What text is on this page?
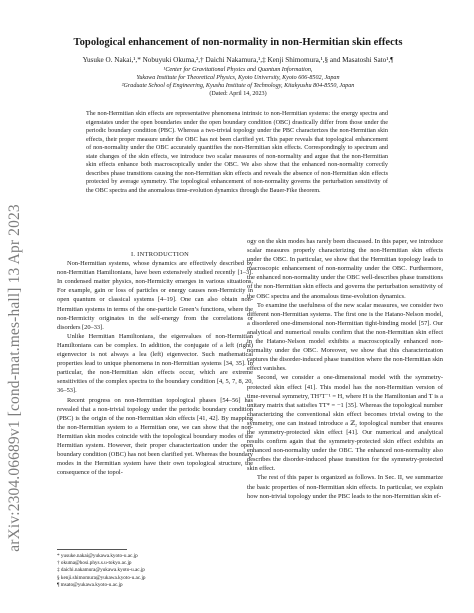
arXiv:2304.06689v1 [cond-mat.mes-hall] 13 Apr 2023
Topological enhancement of non-normality in non-Hermitian skin effects
Yusuke O. Nakai,¹,* Nobuyuki Okuma,²,† Daichi Nakamura,¹,‡ Kenji Shimomura,¹,§ and Masatoshi Sato¹,¶
¹Center for Gravitational Physics and Quantum Information,
Yukawa Institute for Theoretical Physics, Kyoto University, Kyoto 606-8502, Japan
²Graduate School of Engineering, Kyushu Institute of Technology, Kitakyushu 804-8550, Japan
(Dated: April 14, 2023)

The non-Hermitian skin effects are representative phenomena intrinsic to non-Hermitian systems: the energy spectra and eigenstates under the open boundaries under the open boundary condition (OBC) drastically differ from those under the periodic boundary condition (PBC). Whereas a two-trivial topology under the PBC characterizes the non-Hermitian skin effects, their proper measure under the OBC has not been clarified yet. This paper reveals that topological enhancement of non-normality under the OBC accurately quantifies the non-Hermitian skin effects. Correspondingly to spectrum and state changes of the skin effects, we introduce two scalar measures of non-normality and argue that the non-Hermitian skin effects enhance both macroscopically under the OBC. We also show that the enhanced non-normality correctly describes phase transitions causing the non-Hermitian skin effects and reveals the absence of non-Hermitian skin effects protected by average symmetry. The topological enhancement of non-normality governs the perturbation sensitivity of the OBC spectra and the anomalous time-evolution dynamics through the Bauer-Fike theorem.

I. INTRODUCTION

Non-Hermitian systems, whose dynamics are effectively described by non-Hermitian Hamiltonians, have been extensively studied recently [1–3]. In condensed matter physics, non-Hermicity emerges in various situations. For example, gain or loss of particles or energy causes non-Hermicity in open quantum or classical systems [4–19]. One can also obtain non-Hermitian systems in terms of the one-particle Green’s functions, where the non-Hermicity originates in the self-energy from the correlations or disorders [20–33].

Unlike Hermitian Hamiltonians, the eigenvalues of non-Hermitian Hamiltonians can be complex. In addition, the conjugate of a left (right) eigenvector is not always a lea (left) eigenvector. Such mathematical properties lead to unique phenomena in non-Hermitian systems [34, 35]. In particular, the non-Hermitian skin effects occur, which are extreme sensitivities of the complex spectra to the boundary condition [4, 5, 7, 8, 20, 36–53].

Recent progress on non-Hermitian topological phases [54–56] has revealed that a non-trivial topology under the periodic boundary condition (PBC) is the origin of the non-Hermitian skin effects [41, 42]. By mapping the non-Hermitian system to a Hermitian one, we can show that the non-Hermitian skin modes coincide with the topological boundary modes of the Hermitian system. However, their proper characterization under the open boundary condition (OBC) has not been clarified yet. Whereas the boundary modes in the Hermitian system have their own topological structure, the consequence of the topol-

ogy on the skin modes has rarely been discussed. In this paper, we introduce scalar measures properly characterizing the non-Hermitian skin effects under the OBC. In particular, we show that the Hermitian topology leads to macroscopic enhancement of non-normality under the OBC. Furthermore, the enhanced non-normality under the OBC well-describes phase transitions of the non-Hermitian skin effects and governs the perturbation sensitivity of the OBC spectra and the anomalous time-evolution dynamics.

To examine the usefulness of the new scalar measures, we consider two different non-Hermitian systems. The first one is the Hatano-Nelson model, a disordered one-dimensional non-Hermitian tight-binding model [57]. Our analytical and numerical results confirm that the non-Hermitian skin effect in the Hatano-Nelson model exhibits a macroscopically enhanced non-normality under the OBC. Moreover, we show that this characterization captures the disorder-induced phase transition where the non-Hermitian skin effect vanishes.

Second, we consider a one-dimensional model with the symmetry-protected skin effect [41]. This model has the non-Hermitian version of time-reversal symmetry, THᵀT⁻¹ = H, where H is the Hamiltonian and T is a unitary matrix that satisfies TT* = −1 [35]. Whereas the topological number characterizing the conventional skin effect becomes trivial owing to the symmetry, one can instead introduce a ℤ₂ topological number that ensures the symmetry-protected skin effect [41]. Our numerical and analytical results confirm again that the symmetry-protected skin effect exhibits an enhanced non-normality under the OBC. The enhanced non-normality also describes the disorder-induced phase transition for the symmetry-protected skin effect.

The rest of this paper is organized as follows. In Sec. II, we summarize the basic properties of non-Hermitian skin effects. In particular, we explain how non-trivial topology under the PBC leads to the non-Hermitian skin ef-

* yusuke.nakai@yukawa.kyoto-u.ac.jp
† okuma@hosi.phys.s.u-tokyo.ac.jp
‡ daichi.nakamura@yukawa.kyoto-u.ac.jp
§ kenji.shimomura@yukawa.kyoto-u.ac.jp
¶ msato@yukawa.kyoto-u.ac.jp
